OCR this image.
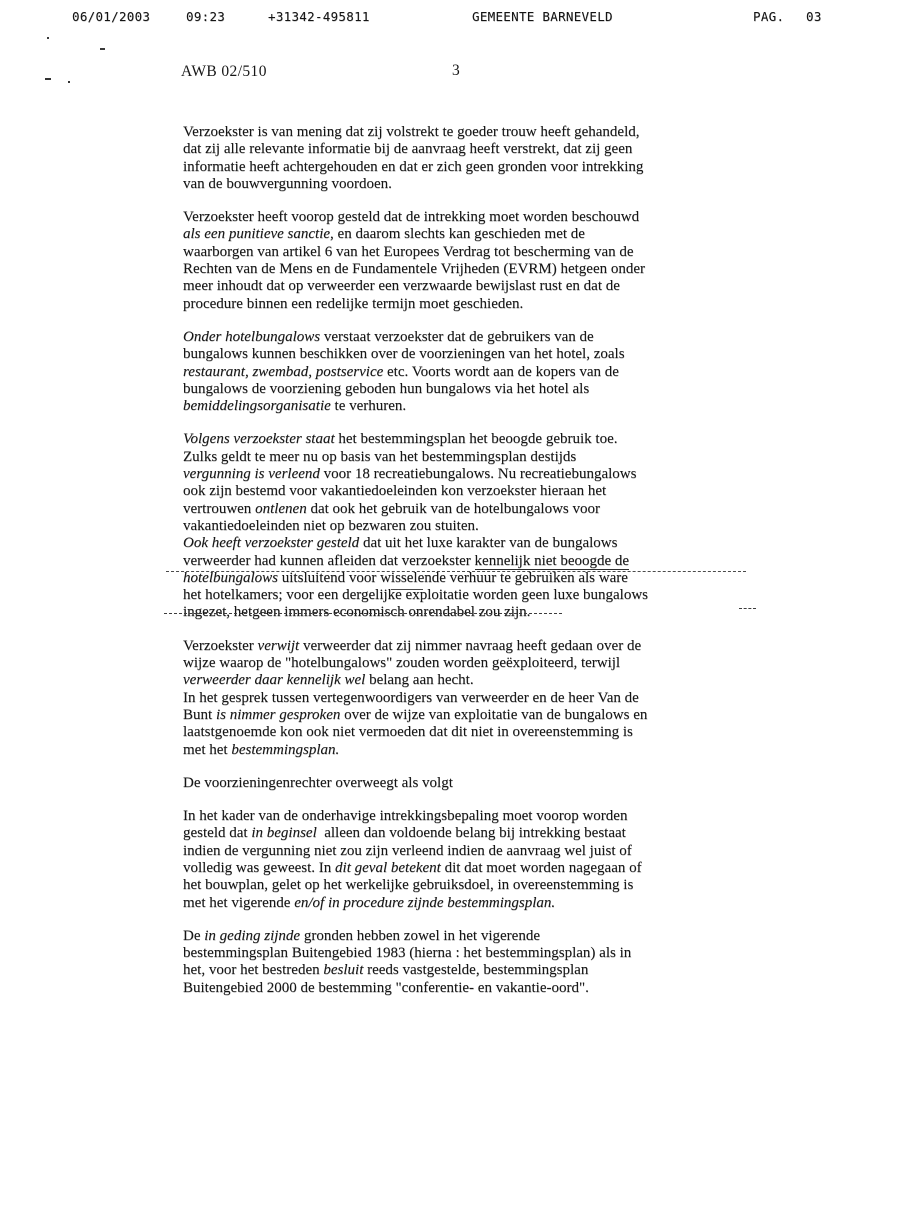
06/01/2003	09:23	+31342-495811	GEMEENTE BARNEVELD	PAG. 03
AWB 02/510	3
Verzoekster is van mening dat zij volstrekt te goeder trouw heeft gehandeld,
dat zij alle relevante informatie bij de aanvraag heeft verstrekt, dat zij geen
informatie heeft achtergehouden en dat er zich geen gronden voor intrekking
van de bouwvergunning voordoen.
Verzoekster heeft voorop gesteld dat de intrekking moet worden beschouwd
als een punitieve sanctie, en daarom slechts kan geschieden met de
waarborgen van artikel 6 van het Europees Verdrag tot bescherming van de
Rechten van de Mens en de Fundamentele Vrijheden (EVRM) hetgeen onder
meer inhoudt dat op verweerder een verzwaarde bewijslast rust en dat de
procedure binnen een redelijke termijn moet geschieden.
Onder hotelbungalows verstaat verzoekster dat de gebruikers van de
bungalows kunnen beschikken over de voorzieningen van het hotel, zoals
restaurant, zwembad, postservice etc. Voorts wordt aan de kopers van de
bungalows de voorziening geboden hun bungalows via het hotel als
bemiddelingsorganisatie te verhuren.
Volgens verzoekster staat het bestemmingsplan het beoogde gebruik toe.
Zulks geldt te meer nu op basis van het bestemmingsplan destijds
vergunning is verleend voor 18 recreatiebungalows. Nu recreatiebungalows
ook zijn bestemd voor vakantiedoeleinden kon verzoekster hieraan het
vertrouwen ontlenen dat ook het gebruik van de hotelbungalows voor
vakantiedoeleinden niet op bezwaren zou stuiten.
Ook heeft verzoekster gesteld dat uit het luxe karakter van de bungalows
verweerder had kunnen afleiden dat verzoekster kennelijk niet beoogde de
hotelbungalows uitsluitend voor wisselende verhuur te gebruiken als ware
het hotelkamers; voor een dergelijke exploitatie worden geen luxe bungalows
ingezet, hetgeen immers economisch onrendabel zou zijn.
Verzoekster verwijt verweerder dat zij nimmer navraag heeft gedaan over de
wijze waarop de "hotelbungalows" zouden worden geëxploiteerd, terwijl
verweerder daar kennelijk wel belang aan hecht.
In het gesprek tussen vertegenwoordigers van verweerder en de heer Van de
Bunt is nimmer gesproken over de wijze van exploitatie van de bungalows en
laatstgenoemde kon ook niet vermoeden dat dit niet in overeenstemming is
met het bestemmingsplan.
De voorzieningenrechter overweegt als volgt
In het kader van de onderhavige intrekkingsbepaling moet voorop worden
gesteld dat in beginsel  alleen dan voldoende belang bij intrekking bestaat
indien de vergunning niet zou zijn verleend indien de aanvraag wel juist of
volledig was geweest. In dit geval betekent dit dat moet worden nagegaan of
het bouwplan, gelet op het werkelijke gebruiksdoel, in overeenstemming is
met het vigerende en/of in procedure zijnde bestemmingsplan.
De in geding zijnde gronden hebben zowel in het vigerende
bestemmingsplan Buitengebied 1983 (hierna : het bestemmingsplan) als in
het, voor het bestreden besluit reeds vastgestelde, bestemmingsplan
Buitengebied 2000 de bestemming "conferentie- en vakantie-oord".
